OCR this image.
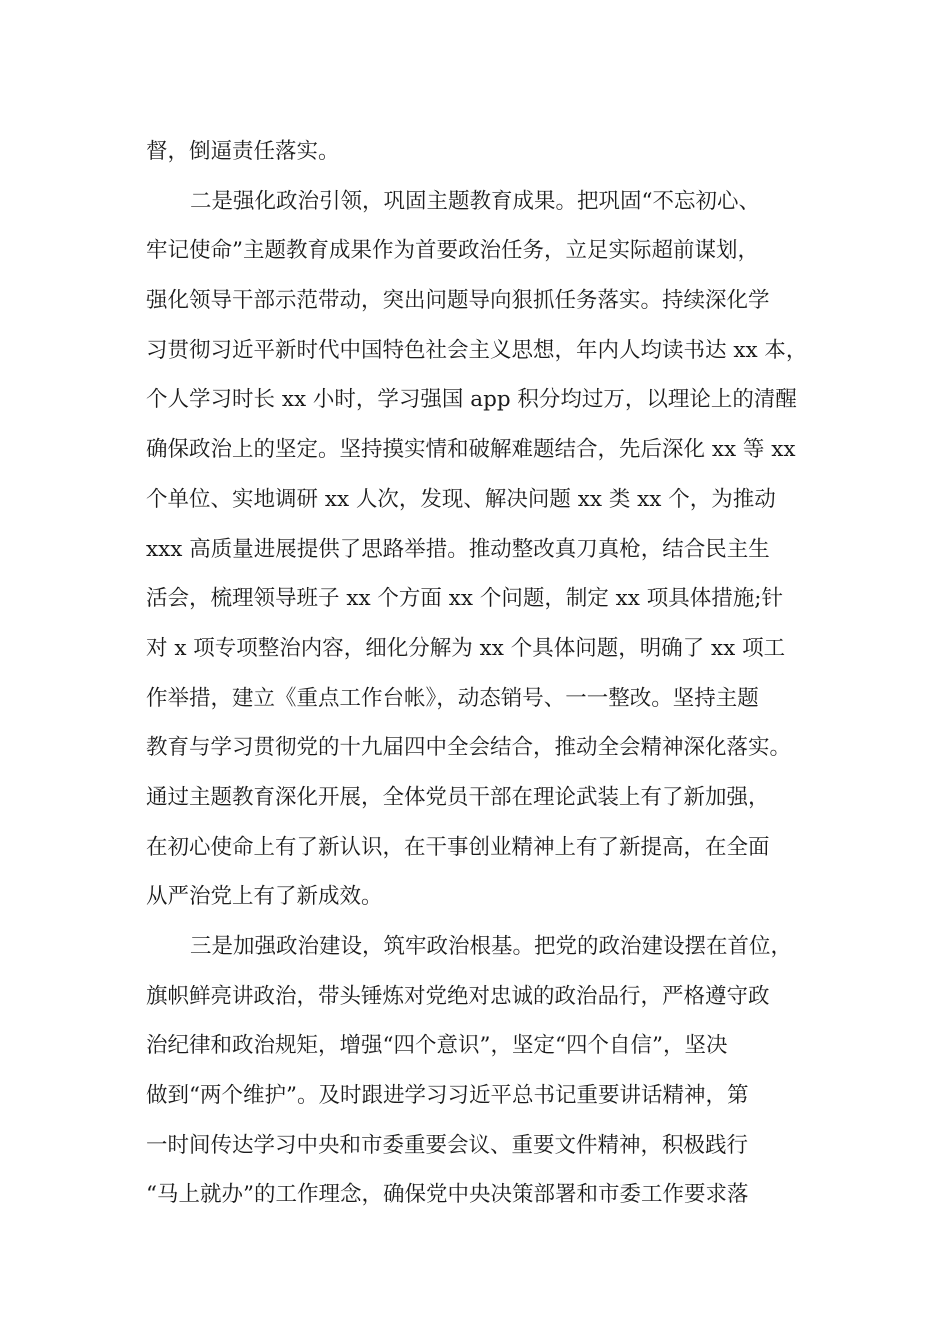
督，倒逼责任落实。
二是强化政治引领，巩固主题教育成果。把巩固“不忘初心、
牢记使命”主题教育成果作为首要政治任务，立足实际超前谋划，
强化领导干部示范带动，突出问题导向狠抓任务落实。持续深化学
习贯彻习近平新时代中国特色社会主义思想，年内人均读书达 xx 本，
个人学习时长 xx 小时，学习强国 app 积分均过万，以理论上的清醒
确保政治上的坚定。坚持摸实情和破解难题结合，先后深化 xx 等 xx
个单位、实地调研 xx 人次，发现、解决问题 xx 类 xx 个，为推动
xxx 高质量进展提供了思路举措。推动整改真刀真枪，结合民主生
活会，梳理领导班子 xx 个方面 xx 个问题，制定 xx 项具体措施;针
对 x 项专项整治内容，细化分解为 xx 个具体问题，明确了 xx 项工
作举措，建立《重点工作台帐》，动态销号、一一整改。坚持主题
教育与学习贯彻党的十九届四中全会结合，推动全会精神深化落实。
通过主题教育深化开展，全体党员干部在理论武装上有了新加强，
在初心使命上有了新认识，在干事创业精神上有了新提高，在全面
从严治党上有了新成效。
三是加强政治建设，筑牢政治根基。把党的政治建设摆在首位，
旗帜鲜亮讲政治，带头锤炼对党绝对忠诚的政治品行，严格遵守政
治纪律和政治规矩，增强“四个意识”，坚定“四个自信”，坚决
做到“两个维护”。及时跟进学习习近平总书记重要讲话精神，第
一时间传达学习中央和市委重要会议、重要文件精神，积极践行
“马上就办”的工作理念，确保党中央决策部署和市委工作要求落
